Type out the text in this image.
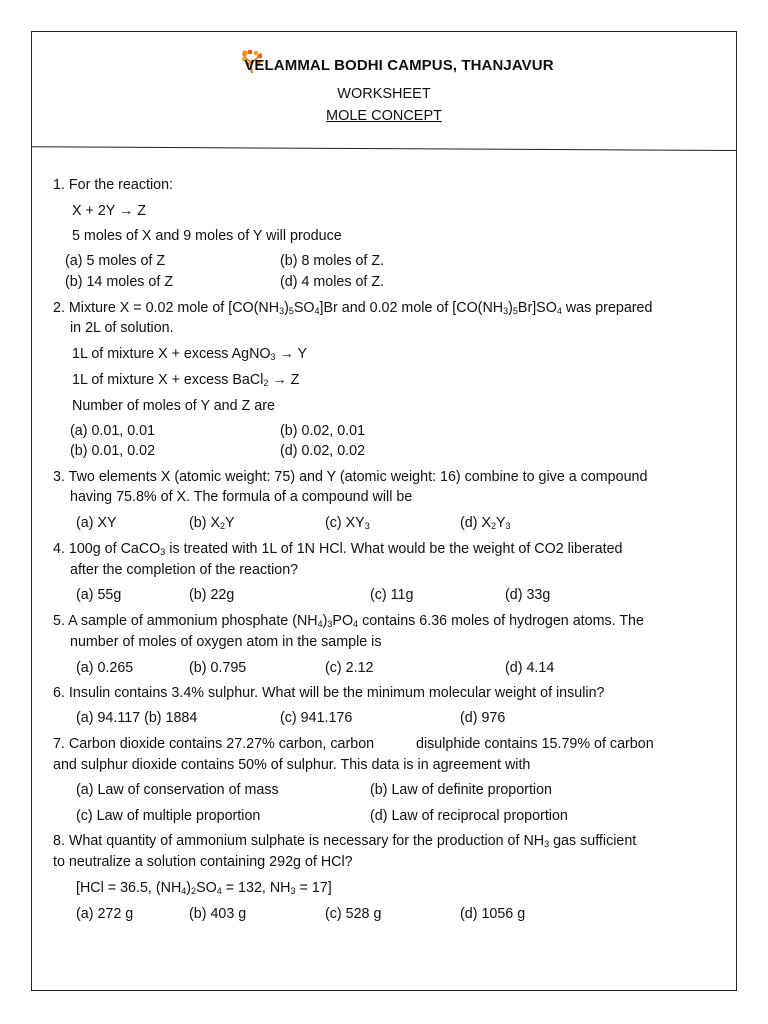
VELAMMAL BODHI CAMPUS, THANJAVUR
WORKSHEET
MOLE CONCEPT
1. For the reaction:
X + 2Y → Z
5 moles of X and 9 moles of Y will produce
(a) 5 moles of Z	(b) 8 moles of Z.
(b) 14 moles of Z	(d) 4 moles of Z.
2. Mixture X = 0.02 mole of $[CO(NH_3)_5SO_4]Br$ and 0.02 mole of $[CO(NH_3)_5Br]SO_4$ was prepared
in 2L of solution.
1L of mixture X + excess AgNO$_3$ → Y
1L of mixture X + excess BaCl$_2$ → Z
Number of moles of Y and Z are
(a) 0.01, 0.01	(b) 0.02, 0.01
(b) 0.01, 0.02	(d) 0.02, 0.02
3. Two elements X (atomic weight: 75) and Y (atomic weight: 16) combine to give a compound
having 75.8% of X. The formula of a compound will be
(a) XY	(b) $X_2Y$	(c) $XY_3$	(d) $X_2Y_3$
4. 100g of CaCO$_3$ is treated with 1L of 1N HCl. What would be the weight of CO2 liberated
after the completion of the reaction?
(a) 55g	(b) 22g	(c) 11g	(d) 33g
5. A sample of ammonium phosphate $(NH_4)_3PO_4$ contains 6.36 moles of hydrogen atoms. The
number of moles of oxygen atom in the sample is
(a) 0.265	(b) 0.795	(c) 2.12	(d) 4.14
6. Insulin contains 3.4% sulphur. What will be the minimum molecular weight of insulin?
(a) 94.117 (b) 1884	(c) 941.176	(d) 976
7. Carbon dioxide contains 27.27% carbon, carbon	disulphide contains 15.79% of carbon
and sulphur dioxide contains 50% of sulphur. This data is in agreement with
(a) Law of conservation of mass	(b) Law of definite proportion
(c) Law of multiple proportion	(d) Law of reciprocal proportion
8. What quantity of ammonium sulphate is necessary for the production of $NH_3$ gas sufficient
to neutralize a solution containing 292g of HCl?
[HCl = 36.5, $(NH_4)_2SO_4 = 132$, $NH_3 = 17$]
(a) 272 g	(b) 403 g	(c) 528 g	(d) 1056 g
